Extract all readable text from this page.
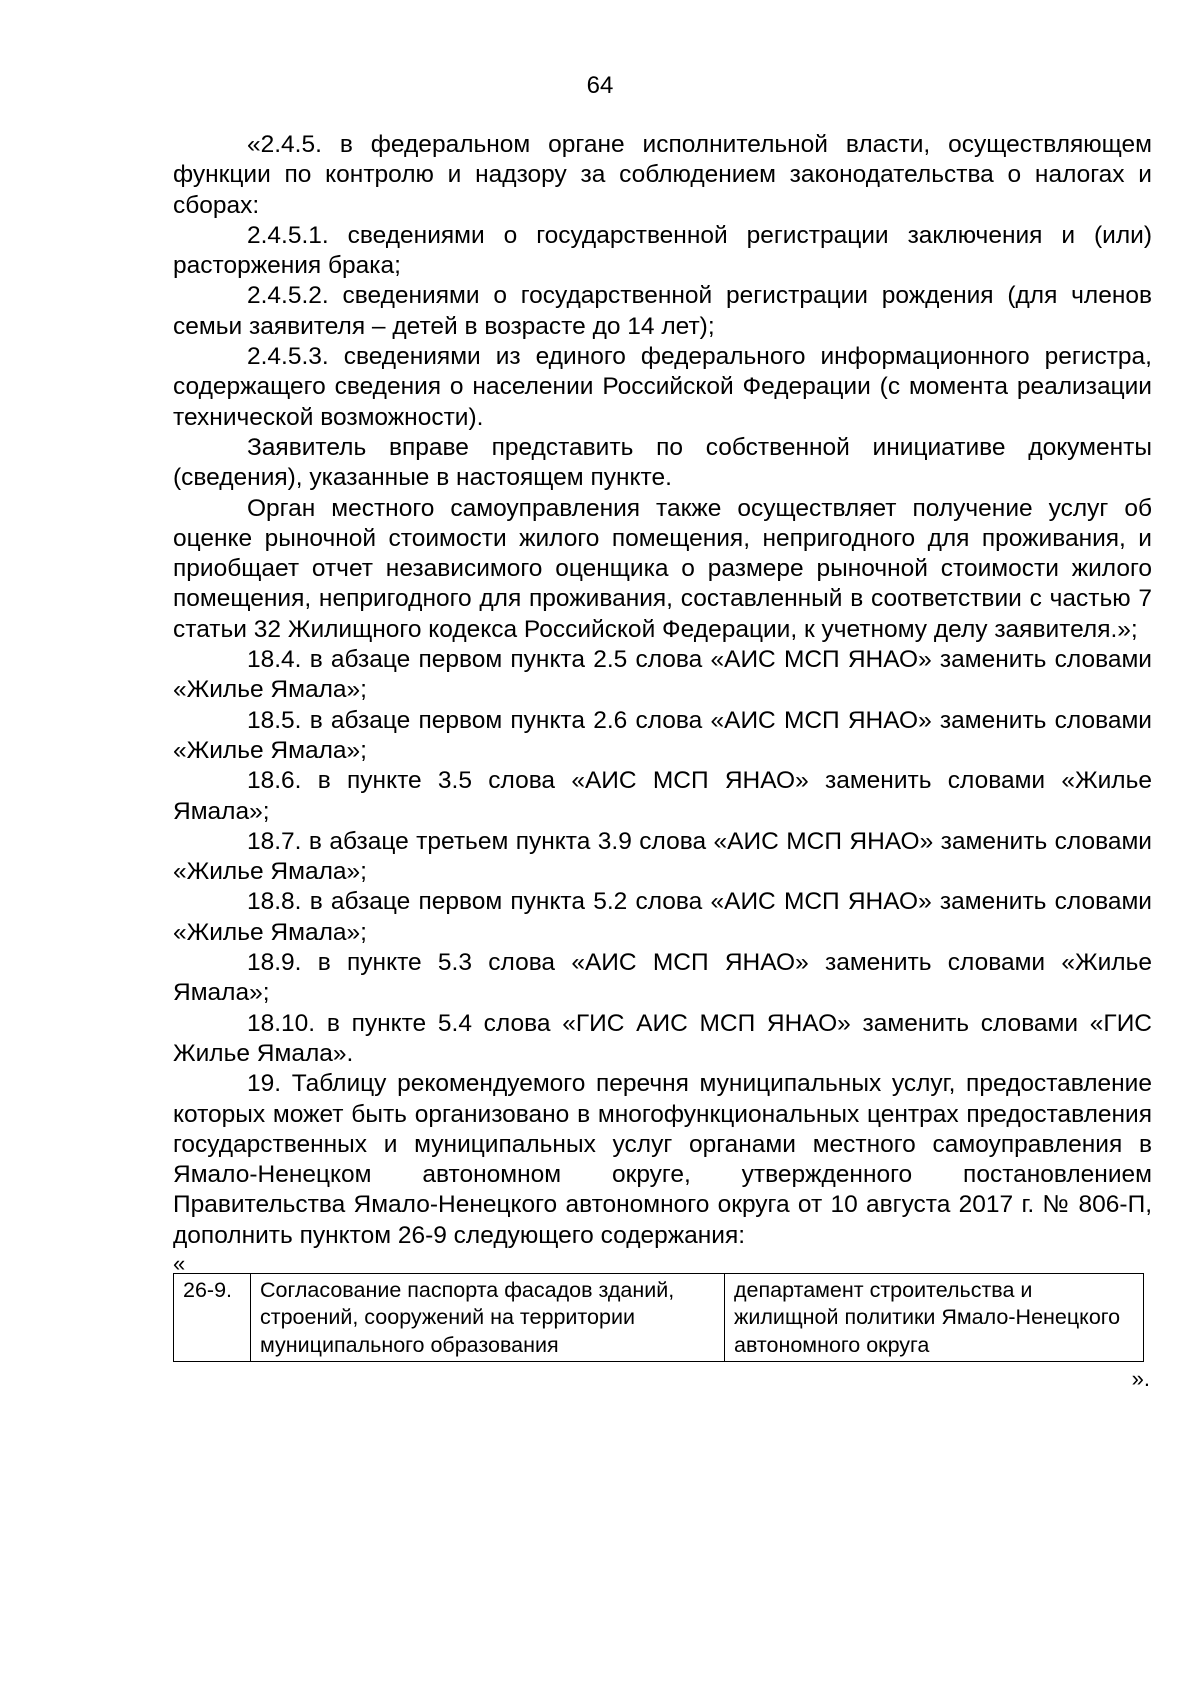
64

«2.4.5. в федеральном органе исполнительной власти, осуществляющем функции по контролю и надзору за соблюдением законодательства о налогах и сборах:

2.4.5.1. сведениями о государственной регистрации заключения и (или) расторжения брака;

2.4.5.2. сведениями о государственной регистрации рождения (для членов семьи заявителя – детей в возрасте до 14 лет);

2.4.5.3. сведениями из единого федерального информационного регистра, содержащего сведения о населении Российской Федерации (с момента реализации технической возможности).

Заявитель вправе представить по собственной инициативе документы (сведения), указанные в настоящем пункте.

Орган местного самоуправления также осуществляет получение услуг об оценке рыночной стоимости жилого помещения, непригодного для проживания, и приобщает отчет независимого оценщика о размере рыночной стоимости жилого помещения, непригодного для проживания, составленный в соответствии с частью 7 статьи 32 Жилищного кодекса Российской Федерации, к учетному делу заявителя.»;

18.4. в абзаце первом пункта 2.5 слова «АИС МСП ЯНАО» заменить словами «Жилье Ямала»;

18.5. в абзаце первом пункта 2.6 слова «АИС МСП ЯНАО» заменить словами «Жилье Ямала»;

18.6. в пункте 3.5 слова «АИС МСП ЯНАО» заменить словами «Жилье Ямала»;

18.7. в абзаце третьем пункта 3.9 слова «АИС МСП ЯНАО» заменить словами «Жилье Ямала»;

18.8. в абзаце первом пункта 5.2 слова «АИС МСП ЯНАО» заменить словами «Жилье Ямала»;

18.9. в пункте 5.3 слова «АИС МСП ЯНАО» заменить словами «Жилье Ямала»;

18.10. в пункте 5.4 слова «ГИС АИС МСП ЯНАО» заменить словами «ГИС Жилье Ямала».

19. Таблицу рекомендуемого перечня муниципальных услуг, предоставление которых может быть организовано в многофункциональных центрах предоставления государственных и муниципальных услуг органами местного самоуправления в Ямало-Ненецком автономном округе, утвержденного постановлением Правительства Ямало-Ненецкого автономного округа от 10 августа 2017 г. № 806-П, дополнить пунктом 26-9 следующего содержания:

«
26-9.	Согласование паспорта фасадов зданий, строений, сооружений на территории муниципального образования	департамент строительства и жилищной политики Ямало-Ненецкого автономного округа
».
